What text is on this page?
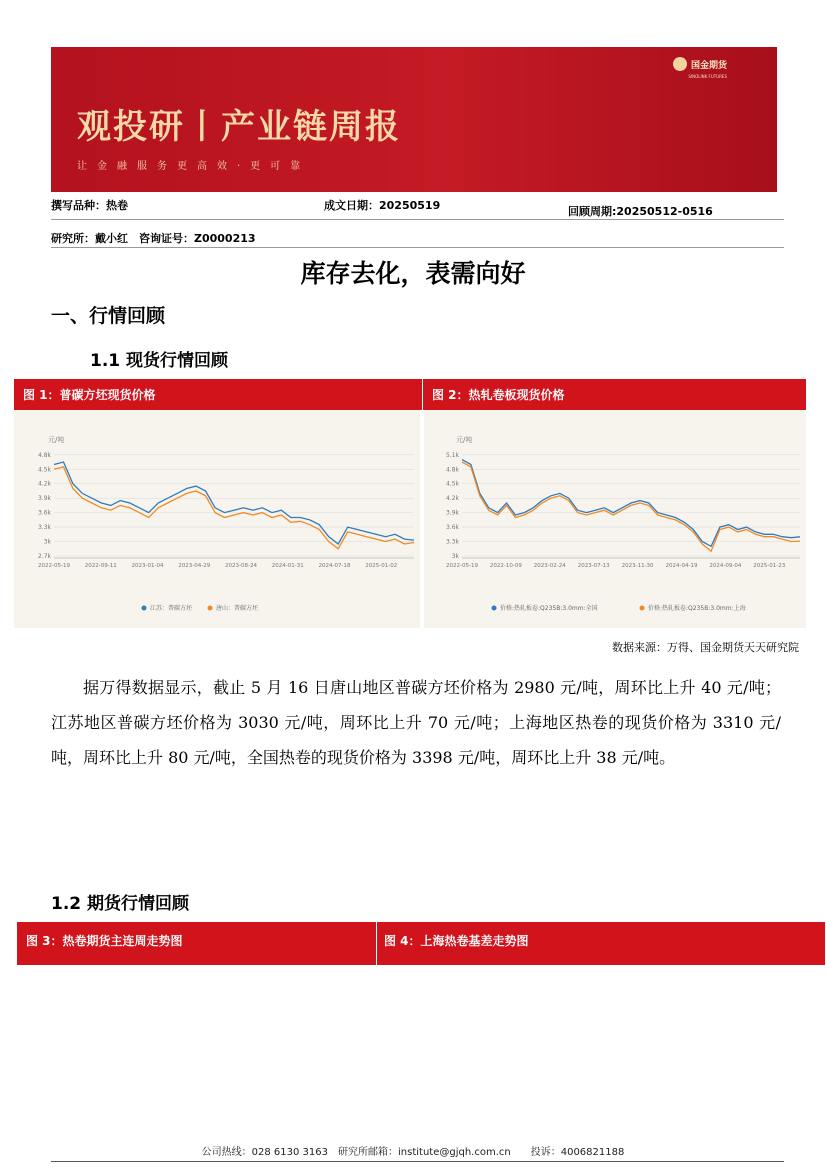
国金期货
SINOLINK FUTURES
观投研丨产业链周报
让金融服务更高效·更可靠
撰写品种：热卷	成文日期：20250519	回顾周期:20250512-0516
研究所：戴小红　咨询证号：Z0000213
库存去化，表需向好
一、行情回顾
1.1 现货行情回顾
图 1：普碳方坯现货价格	图 2：热轧卷板现货价格
元/吨
4.8k
4.5k
4.2k
3.9k
3.6k
3.3k
3k
2.7k
2022-05-19	2022-09-11	2023-01-04	2023-04-29	2023-08-24	2024-01-31	2024-07-18	2025-01-02
江苏：普碳方坯	唐山：普碳方坯
元/吨
5.1k
4.8k
4.5k
4.2k
3.9k
3.6k
3.3k
3k
2022-05-19 2022-10-09 2023-02-24 2023-07-13 2023-11-30 2024-04-19 2024-09-04 2025-01-23
价格:热轧板卷:Q235B:3.0mm:全国	价格:热轧板卷:Q235B:3.0mm:上海
数据来源：万得、国金期货天天研究院
据万得数据显示，截止 5 月 16 日唐山地区普碳方坯价格为 2980 元/吨，周环比上升 40 元/吨；江苏地区普碳方坯价格为 3030 元/吨，周环比上升 70 元/吨；上海地区热卷的现货价格为 3310 元/吨，周环比上升 80 元/吨，全国热卷的现货价格为 3398 元/吨，周环比上升 38 元/吨。
1.2 期货行情回顾
图 3：热卷期货主连周走势图	图 4：上海热卷基差走势图
公司热线：028 6130 3163　研究所邮箱：institute@gjqh.com.cn　　投诉：4006821188
